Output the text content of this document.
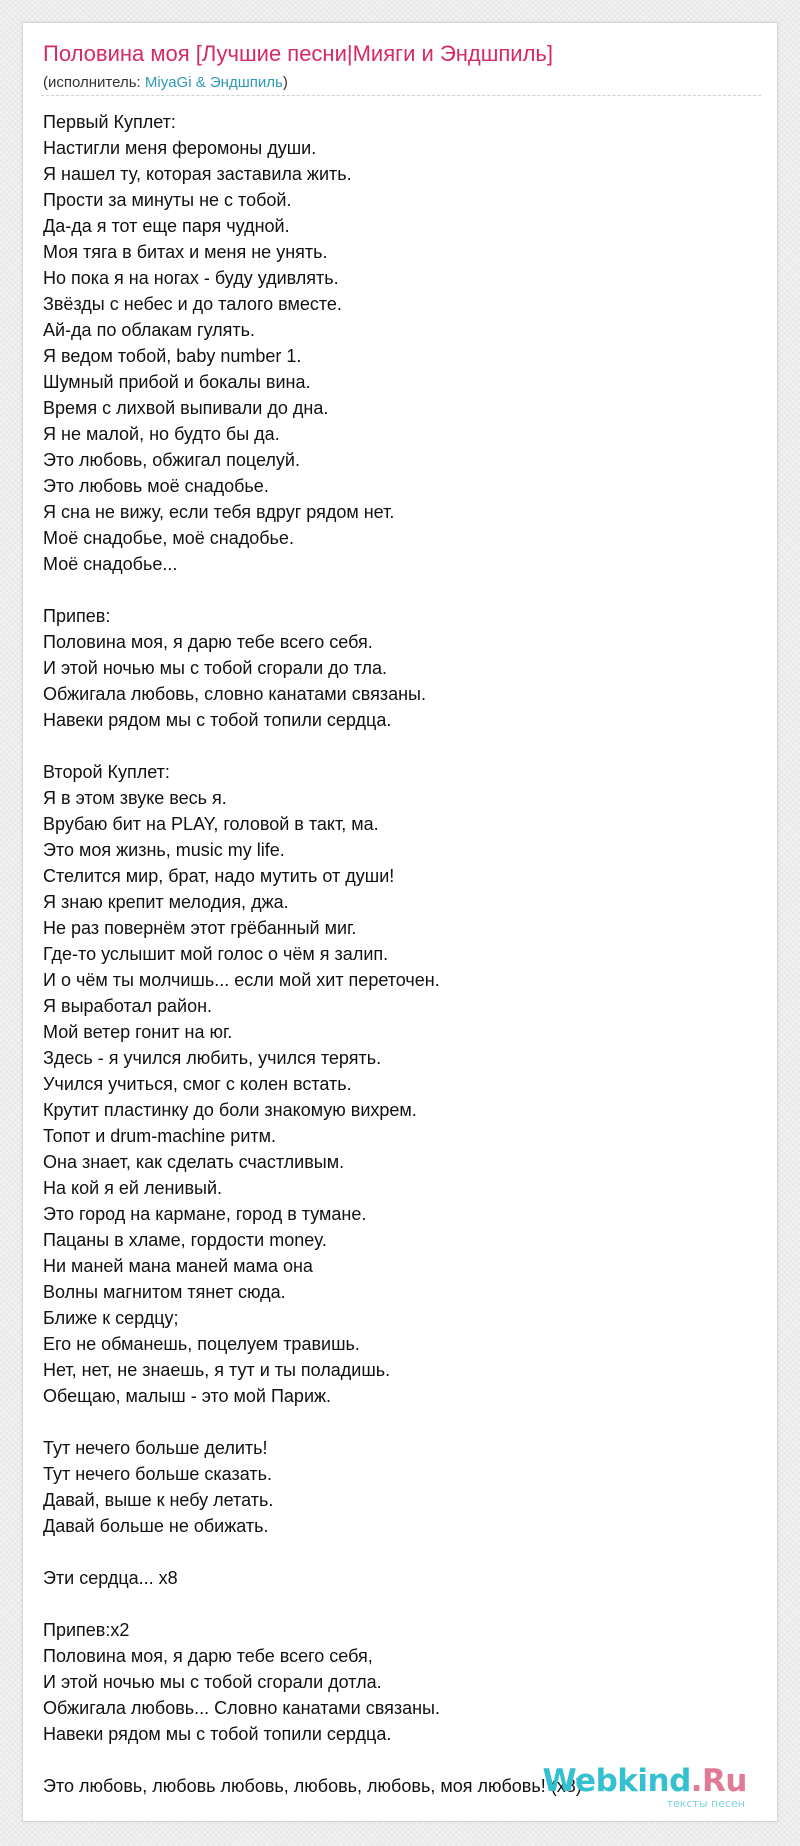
Половина моя [Лучшие песни|Мияги и Эндшпиль]
(исполнитель: MiyaGi & Эндшпиль)
Первый Куплет:
Настигли меня феромоны души.
Я нашел ту, которая заставила жить.
Прости за минуты не с тобой.
Да-да я тот еще паря чудной.
Моя тяга в битах и меня не унять.
Но пока я на ногах - буду удивлять.
Звёзды с небес и до талого вместе.
Ай-да по облакам гулять.
Я ведом тобой, baby number 1.
Шумный прибой и бокалы вина.
Время с лихвой выпивали до дна.
Я не малой, но будто бы да.
Это любовь, обжигал поцелуй.
Это любовь моё снадобье.
Я сна не вижу, если тебя вдруг рядом нет.
Моё снадобье, моё снадобье.
Моё снадобье...

Припев:
Половина моя, я дарю тебе всего себя.
И этой ночью мы с тобой сгорали до тла.
Обжигала любовь, словно канатами связаны.
Навеки рядом мы с тобой топили сердца.

Второй Куплет:
Я в этом звуке весь я.
Врубаю бит на PLAY, головой в такт, ма.
Это моя жизнь, music my life.
Стелится мир, брат, надо мутить от души!
Я знаю крепит мелодия, джа.
Не раз повернём этот грёбанный миг.
Где-то услышит мой голос о чём я залип.
И о чём ты молчишь... если мой хит переточен.
Я выработал район.
Мой ветер гонит на юг.
Здесь - я учился любить, учился терять.
Учился учиться, смог с колен встать.
Крутит пластинку до боли знакомую вихрем.
Топот и drum-machine ритм.
Она знает, как сделать счастливым.
На кой я ей ленивый.
Это город на кармане, город в тумане.
Пацаны в хламе, гордости money.
Ни маней мана маней мама она
Волны магнитом тянет сюда.
Ближе к сердцу;
Его не обманешь, поцелуем травишь.
Нет, нет, не знаешь, я тут и ты поладишь.
Обещаю, малыш - это мой Париж.

Тут нечего больше делить!
Тут нечего больше сказать.
Давай, выше к небу летать.
Давай больше не обижать.

Эти сердца... x8

Припев:x2
Половина моя, я дарю тебе всего себя,
И этой ночью мы с тобой сгорали дотла.
Обжигала любовь... Словно канатами связаны.
Навеки рядом мы с тобой топили сердца.

Это любовь, любовь любовь, любовь, любовь, моя любовь! (x8)
Webkind.Ru
тексты песен
